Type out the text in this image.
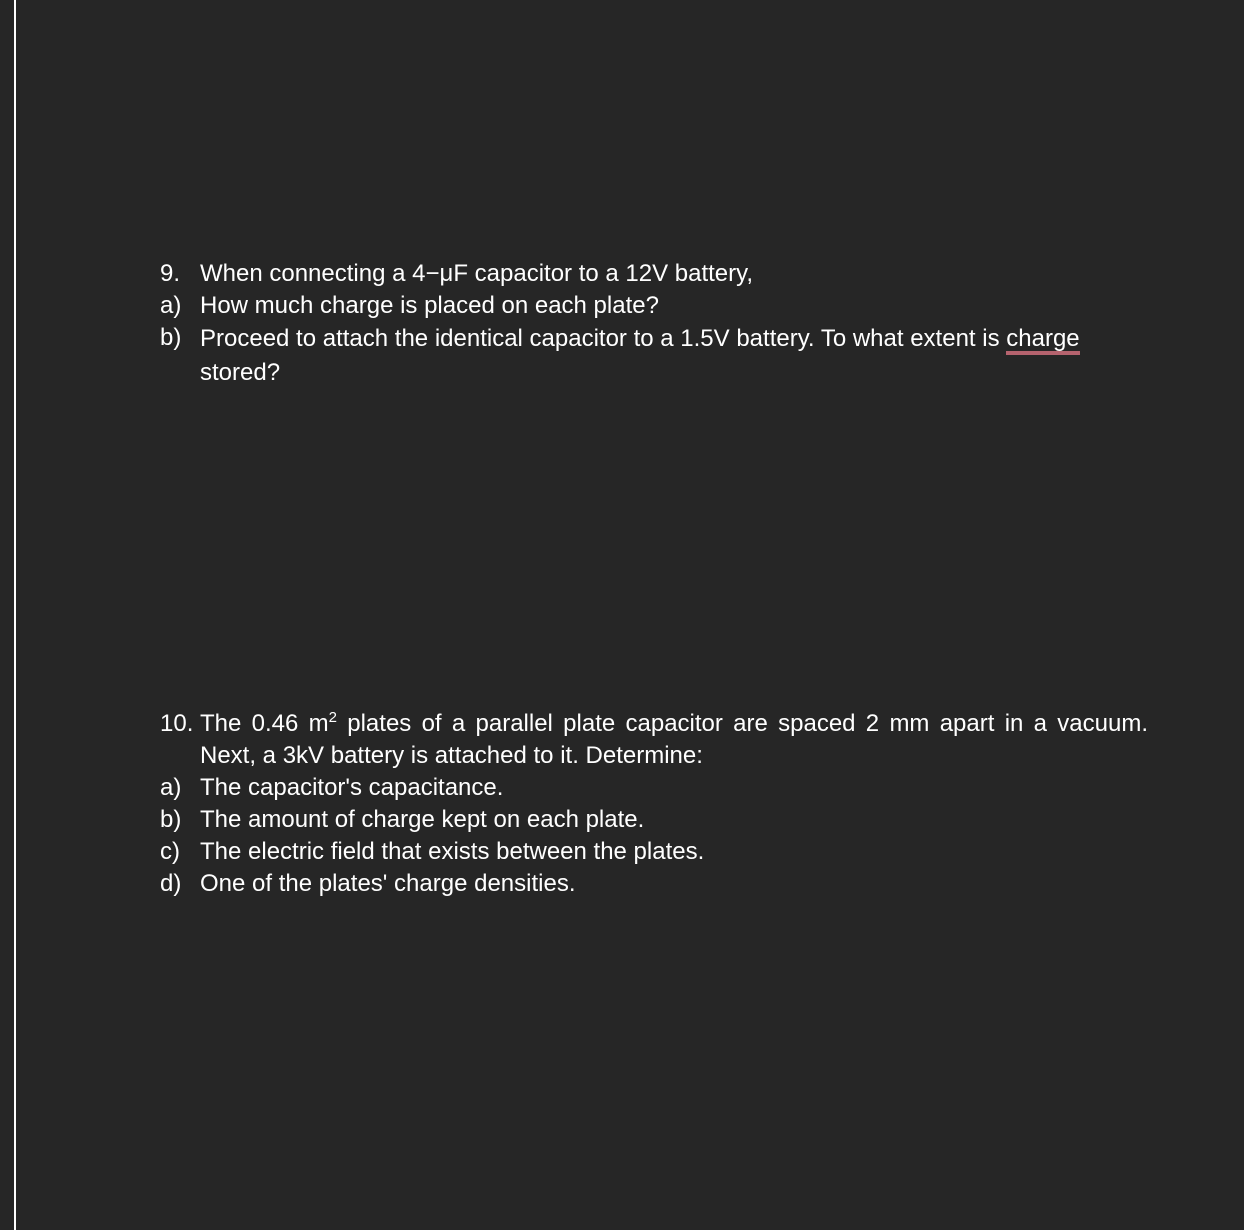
9. When connecting a 4−μF capacitor to a 12V battery,
a) How much charge is placed on each plate?
b) Proceed to attach the identical capacitor to a 1.5V battery. To what extent is charge stored?
10. The 0.46 $m^2$ plates of a parallel plate capacitor are spaced 2 mm apart in a vacuum. Next, a 3kV battery is attached to it. Determine:
a) The capacitor's capacitance.
b) The amount of charge kept on each plate.
c) The electric field that exists between the plates.
d) One of the plates' charge densities.
